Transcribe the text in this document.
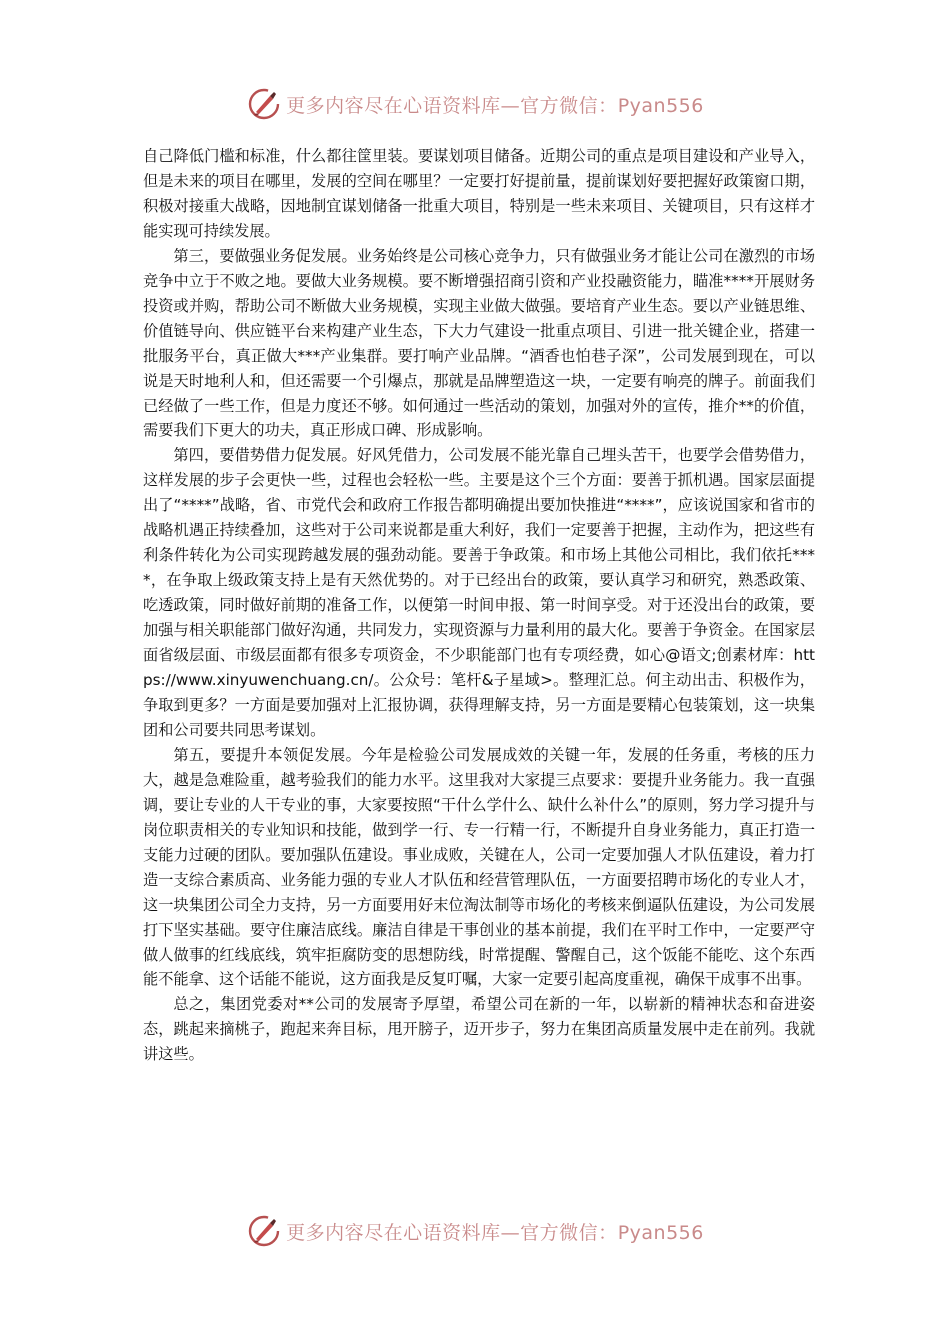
更多内容尽在心语资料库—官方微信：Pyan556

自己降低门槛和标准，什么都往筐里装。要谋划项目储备。近期公司的重点是项目建设和产业导入，但是未来的项目在哪里，发展的空间在哪里？一定要打好提前量，提前谋划好要把握好政策窗口期，积极对接重大战略，因地制宜谋划储备一批重大项目，特别是一些未来项目、关键项目，只有这样才能实现可持续发展。

第三，要做强业务促发展。业务始终是公司核心竞争力，只有做强业务才能让公司在激烈的市场竞争中立于不败之地。要做大业务规模。要不断增强招商引资和产业投融资能力，瞄准****开展财务投资或并购，帮助公司不断做大业务规模，实现主业做大做强。要培育产业生态。要以产业链思维、价值链导向、供应链平台来构建产业生态，下大力气建设一批重点项目、引进一批关键企业，搭建一批服务平台，真正做大***产业集群。要打响产业品牌。“酒香也怕巷子深”，公司发展到现在，可以说是天时地利人和，但还需要一个引爆点，那就是品牌塑造这一块，一定要有响亮的牌子。前面我们已经做了一些工作，但是力度还不够。如何通过一些活动的策划，加强对外的宣传，推介**的价值，需要我们下更大的功夫，真正形成口碑、形成影响。

第四，要借势借力促发展。好风凭借力，公司发展不能光靠自己埋头苦干，也要学会借势借力，这样发展的步子会更快一些，过程也会轻松一些。主要是这个三个方面：要善于抓机遇。国家层面提出了“****”战略，省、市党代会和政府工作报告都明确提出要加快推进“****”，应该说国家和省市的战略机遇正持续叠加，这些对于公司来说都是重大利好，我们一定要善于把握，主动作为，把这些有利条件转化为公司实现跨越发展的强劲动能。要善于争政策。和市场上其他公司相比，我们依托****，在争取上级政策支持上是有天然优势的。对于已经出台的政策，要认真学习和研究，熟悉政策、吃透政策，同时做好前期的准备工作，以便第一时间申报、第一时间享受。对于还没出台的政策，要加强与相关职能部门做好沟通，共同发力，实现资源与力量利用的最大化。要善于争资金。在国家层面省级层面、市级层面都有很多专项资金，不少职能部门也有专项经费，如心@语文;创素材库：https://www.xinyuwenchuang.cn/。公众号：笔杆&子星域>。整理汇总。何主动出击、积极作为，争取到更多？一方面是要加强对上汇报协调，获得理解支持，另一方面是要精心包装策划，这一块集团和公司要共同思考谋划。

第五，要提升本领促发展。今年是检验公司发展成效的关键一年，发展的任务重，考核的压力大，越是急难险重，越考验我们的能力水平。这里我对大家提三点要求：要提升业务能力。我一直强调，要让专业的人干专业的事，大家要按照“干什么学什么、缺什么补什么”的原则，努力学习提升与岗位职责相关的专业知识和技能，做到学一行、专一行精一行，不断提升自身业务能力，真正打造一支能力过硬的团队。要加强队伍建设。事业成败，关键在人，公司一定要加强人才队伍建设，着力打造一支综合素质高、业务能力强的专业人才队伍和经营管理队伍，一方面要招聘市场化的专业人才，这一块集团公司全力支持，另一方面要用好末位淘汰制等市场化的考核来倒逼队伍建设，为公司发展打下坚实基础。要守住廉洁底线。廉洁自律是干事创业的基本前提，我们在平时工作中，一定要严守做人做事的红线底线，筑牢拒腐防变的思想防线，时常提醒、警醒自己，这个饭能不能吃、这个东西能不能拿、这个话能不能说，这方面我是反复叮嘱，大家一定要引起高度重视，确保干成事不出事。

总之，集团党委对**公司的发展寄予厚望，希望公司在新的一年，以崭新的精神状态和奋进姿态，跳起来摘桃子，跑起来奔目标，甩开膀子，迈开步子，努力在集团高质量发展中走在前列。我就讲这些。

更多内容尽在心语资料库—官方微信：Pyan556
